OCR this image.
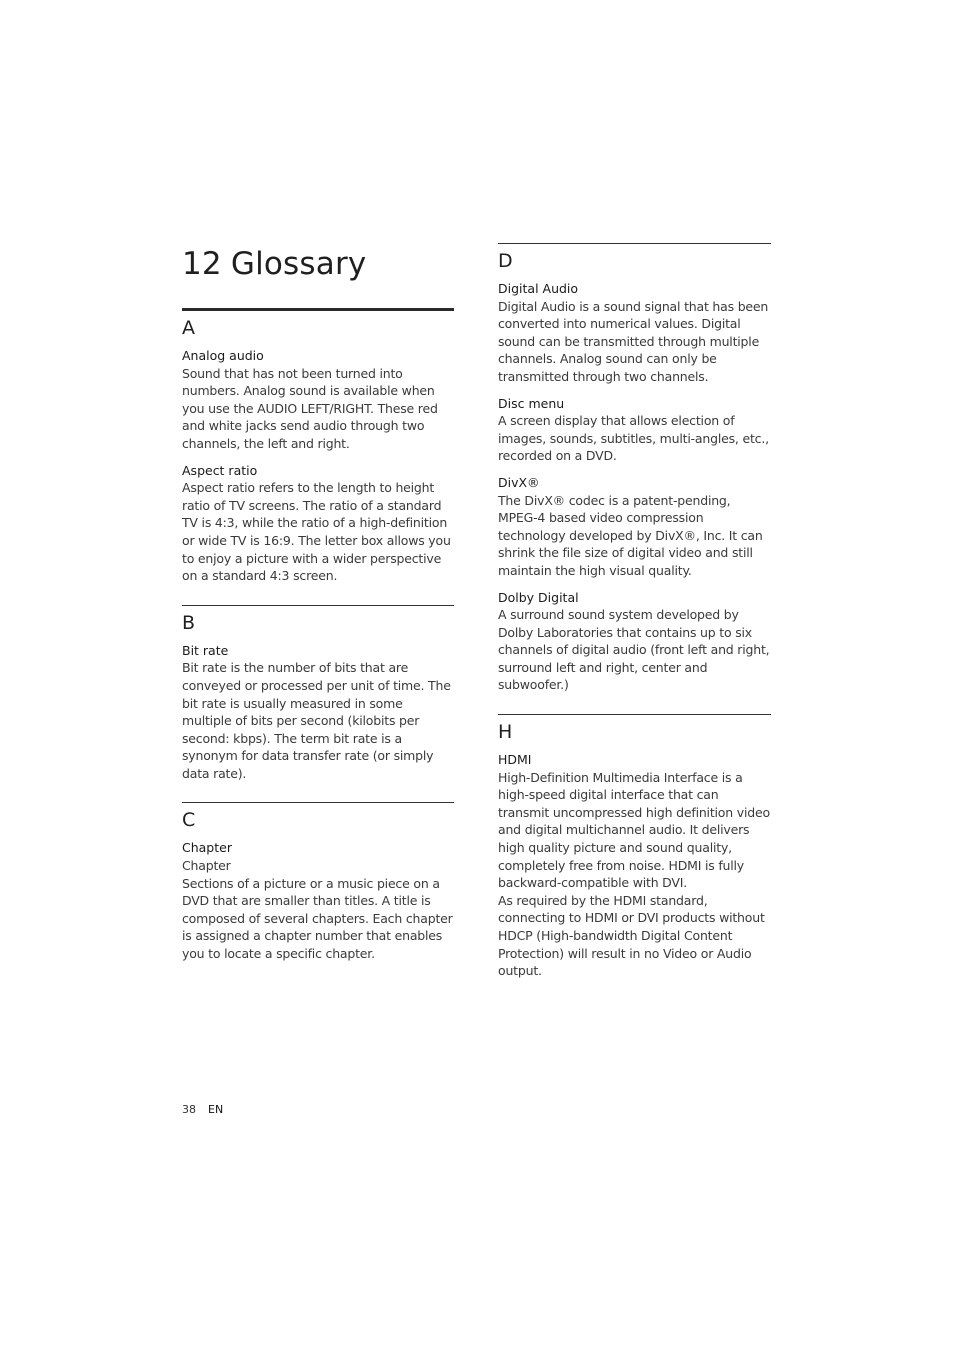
12 Glossary
A
Analog audio

Sound that has not been turned into numbers. Analog sound is available when you use the AUDIO LEFT/RIGHT. These red and white jacks send audio through two channels, the left and right.

Aspect ratio

Aspect ratio refers to the length to height ratio of TV screens. The ratio of a standard TV is 4:3, while the ratio of a high-definition or wide TV is 16:9. The letter box allows you to enjoy a picture with a wider perspective on a standard 4:3 screen.

B
Bit rate

Bit rate is the number of bits that are conveyed or processed per unit of time. The bit rate is usually measured in some multiple of bits per second (kilobits per second: kbps). The term bit rate is a synonym for data transfer rate (or simply data rate).

C
Chapter

Chapter
Sections of a picture or a music piece on a DVD that are smaller than titles. A title is composed of several chapters. Each chapter is assigned a chapter number that enables you to locate a specific chapter.

D
Digital Audio

Digital Audio is a sound signal that has been converted into numerical values. Digital sound can be transmitted through multiple channels. Analog sound can only be transmitted through two channels.

Disc menu

A screen display that allows election of images, sounds, subtitles, multi-angles, etc., recorded on a DVD.

DivX®

The DivX® codec is a patent-pending, MPEG-4 based video compression technology developed by DivX®, Inc. It can shrink the file size of digital video and still maintain the high visual quality.

Dolby Digital

A surround sound system developed by Dolby Laboratories that contains up to six channels of digital audio (front left and right, surround left and right, center and subwoofer.)

H
HDMI

High-Definition Multimedia Interface is a high-speed digital interface that can transmit uncompressed high definition video and digital multichannel audio. It delivers high quality picture and sound quality, completely free from noise. HDMI is fully backward-compatible with DVI.
As required by the HDMI standard, connecting to HDMI or DVI products without HDCP (High-bandwidth Digital Content Protection) will result in no Video or Audio output.

38 EN
